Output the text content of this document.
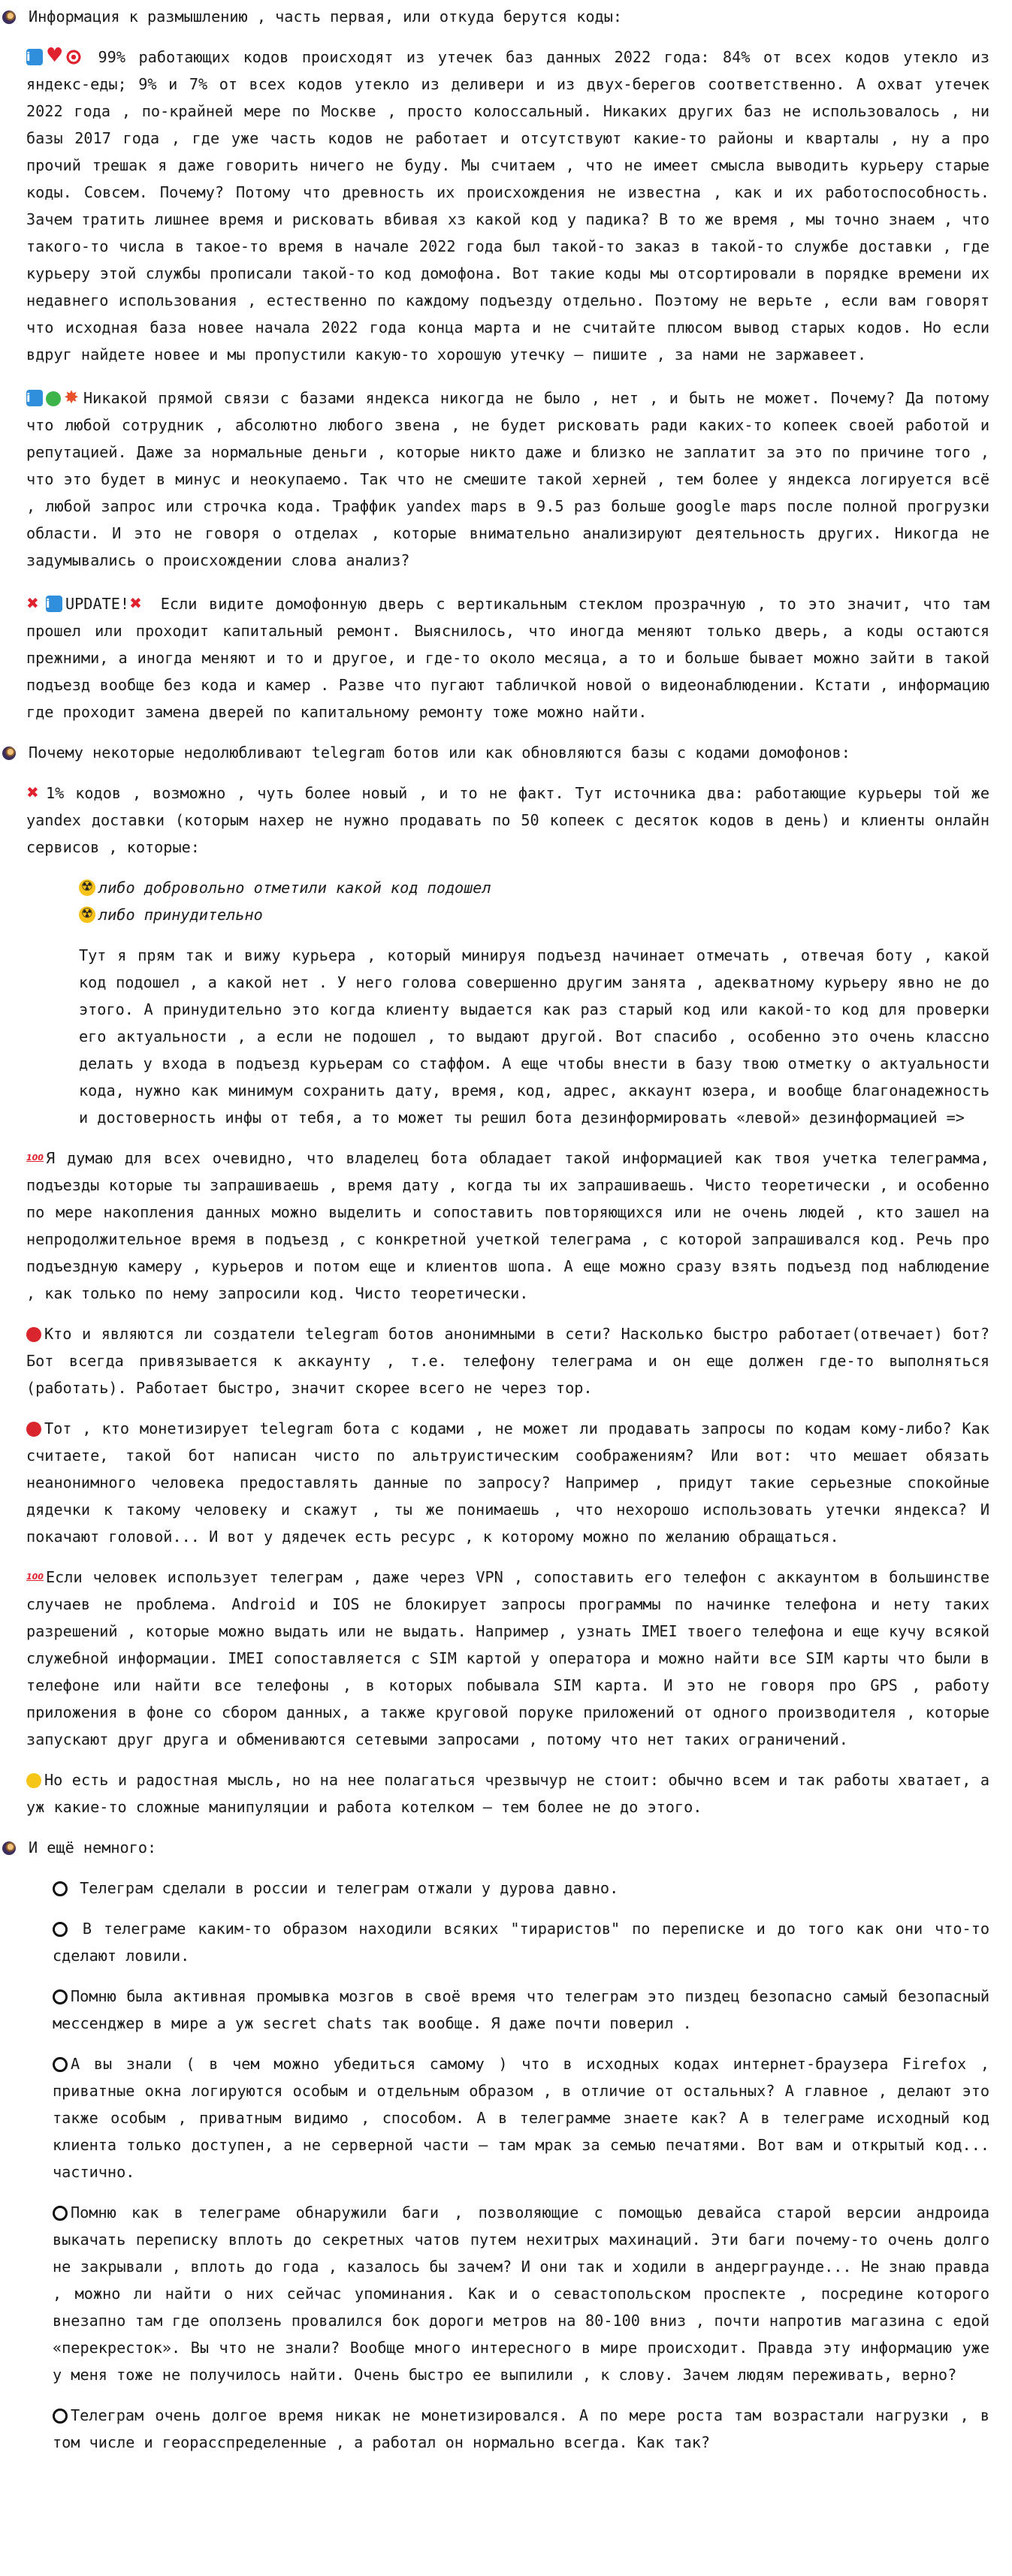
Информация к размышлению , часть первая, или откуда берутся коды:
i♥ 99% работающих кодов происходят из утечек баз данных 2022 года: 84% от всех кодов утекло из яндекс-еды; 9% и 7% от всех кодов утекло из деливери и из двух-берегов соответственно. А охват утечек 2022 года , по-крайней мере по Москве , просто колоссальный. Никаких других баз не использовалось , ни базы 2017 года , где уже часть кодов не работает и отсутствуют какие-то районы и кварталы , ну а про прочий трешак я даже говорить ничего не буду. Мы считаем , что не имеет смысла выводить курьеру старые коды. Совсем. Почему? Потому что древность их происхождения не известна , как и их работоспособность. Зачем тратить лишнее время и рисковать вбивая хз какой код у падика? В то же время , мы точно знаем , что такого-то числа в такое-то время в начале 2022 года был такой-то заказ в такой-то службе доставки , где курьеру этой службы прописали такой-то код домофона. Вот такие коды мы отсортировали в порядке времени их недавнего использования , естественно по каждому подъезду отдельно. Поэтому не верьте , если вам говорят что исходная база новее начала 2022 года конца марта и не считайте плюсом вывод старых кодов. Но если вдруг найдете новее и мы пропустили какую-то хорошую утечку — пишите , за нами не заржавеет.
i✸Никакой прямой связи с базами яндекса никогда не было , нет , и быть не может. Почему? Да потому что любой сотрудник , абсолютно любого звена , не будет рисковать ради каких-то копеек своей работой и репутацией. Даже за нормальные деньги , которые никто даже и близко не заплатит за это по причине того , что это будет в минус и неокупаемо. Так что не смешите такой херней , тем более у яндекса логируется всё , любой запрос или строчка кода. Траффик yandex maps в 9.5 раз больше google maps после полной прогрузки области. И это не говоря о отделах , которые внимательно анализируют деятельность других. Никогда не задумывались о происхождении слова анализ?
✖iUPDATE!✖ Если видите домофонную дверь с вертикальным стеклом прозрачную , то это значит, что там прошел или проходит капитальный ремонт. Выяснилось, что иногда меняют только дверь, а коды остаются прежними, а иногда меняют и то и другое, и где-то около месяца, а то и больше бывает можно зайти в такой подъезд вообще без кода и камер . Разве что пугают табличкой новой о видеонаблюдении. Кстати , информацию где проходит замена дверей по капитальному ремонту тоже можно найти.
Почему некоторые недолюбливают telegram ботов или как обновляются базы с кодами домофонов:
✖1% кодов , возможно , чуть более новый , и то не факт. Тут источника два: работающие курьеры той же yandex доставки (которым нахер не нужно продавать по 50 копеек с десяток кодов в день) и клиенты онлайн сервисов , которые:
☢либо добровольно отметили какой код подошел
☢либо принудительно
Тут я прям так и вижу курьера , который минируя подъезд начинает отмечать , отвечая боту , какой код подошел , а какой нет . У него голова совершенно другим занята , адекватному курьеру явно не до этого. А принудительно это когда клиенту выдается как раз старый код или какой-то код для проверки его актуальности , а если не подошел , то выдают другой. Вот спасибо , особенно это очень классно делать у входа в подъезд курьерам со стаффом. А еще чтобы внести в базу твою отметку о актуальности кода, нужно как минимум сохранить дату, время, код, адрес, аккаунт юзера, и вообще благонадежность и достоверность инфы от тебя, а то может ты решил бота дезинформировать «левой» дезинформацией =>
100Я думаю для всех очевидно, что владелец бота обладает такой информацией как твоя учетка телеграмма, подъезды которые ты запрашиваешь , время дату , когда ты их запрашиваешь. Чисто теоретически , и особенно по мере накопления данных можно выделить и сопоставить повторяющихся или не очень людей , кто зашел на непродолжительное время в подъезд , с конкретной учеткой телеграма , с которой запрашивался код. Речь про подъездную камеру , курьеров и потом еще и клиентов шопа. А еще можно сразу взять подъезд под наблюдение , как только по нему запросили код. Чисто теоретически.
Кто и являются ли создатели telegram ботов анонимными в сети? Насколько быстро работает(отвечает) бот? Бот всегда привязывается к аккаунту , т.е. телефону телеграма и он еще должен где-то выполняться (работать). Работает быстро, значит скорее всего не через тор.
Тот , кто монетизирует telegram бота с кодами , не может ли продавать запросы по кодам кому-либо? Как считаете, такой бот написан чисто по альтруистическим соображениям? Или вот: что мешает обязать неанонимного человека предоставлять данные по запросу? Например , придут такие серьезные спокойные дядечки к такому человеку и скажут , ты же понимаешь , что нехорошо использовать утечки яндекса? И покачают головой... И вот у дядечек есть ресурс , к которому можно по желанию обращаться.
100Если человек использует телеграм , даже через VPN , сопоставить его телефон с аккаунтом в большинстве случаев не проблема. Android и IOS не блокирует запросы программы по начинке телефона и нету таких разрешений , которые можно выдать или не выдать. Например , узнать IMEI твоего телефона и еще кучу всякой служебной информации. IMEI сопоставляется с SIM картой у оператора и можно найти все SIM карты что были в телефоне или найти все телефоны , в которых побывала SIM карта. И это не говоря про GPS , работу приложения в фоне со сбором данных, а также круговой поруке приложений от одного производителя , которые запускают друг друга и обмениваются сетевыми запросами , потому что нет таких ограничений.
Но есть и радостная мысль, но на нее полагаться чрезвычур не стоит: обычно всем и так работы хватает, а уж какие-то сложные манипуляции и работа котелком — тем более не до этого.
И ещё немного:
Телеграм сделали в россии и телеграм отжали у дурова давно.
В телеграме каким-то образом находили всяких "тираристов" по переписке и до того как они что-то сделают ловили.
Помню была активная промывка мозгов в своё время что телеграм это пиздец безопасно самый безопасный мессенджер в мире а уж secret chats так вообще. Я даже почти поверил .
А вы знали ( в чем можно убедиться самому ) что в исходных кодах интернет-браузера Firefox , приватные окна логируются особым и отдельным образом , в отличие от остальных? А главное , делают это также особым , приватным видимо , способом. А в телеграмме знаете как? А в телеграме исходный код клиента только доступен, а не серверной части — там мрак за семью печатями. Вот вам и открытый код... частично.
Помню как в телеграме обнаружили баги , позволяющие с помощью девайса старой версии андроида выкачать переписку вплоть до секретных чатов путем нехитрых махинаций. Эти баги почему-то очень долго не закрывали , вплоть до года , казалось бы зачем? И они так и ходили в андерграунде... Не знаю правда , можно ли найти о них сейчас упоминания. Как и о севастопольском проспекте , посредине которого внезапно там где оползень провалился бок дороги метров на 80-100 вниз , почти напротив магазина с едой «перекресток». Вы что не знали? Вообще много интересного в мире происходит. Правда эту информацию уже у меня тоже не получилось найти. Очень быстро ее выпилили , к слову. Зачем людям переживать, верно?
Телеграм очень долгое время никак не монетизировался. А по мере роста там возрастали нагрузки , в том числе и георасспределенные , а работал он нормально всегда. Как так?
